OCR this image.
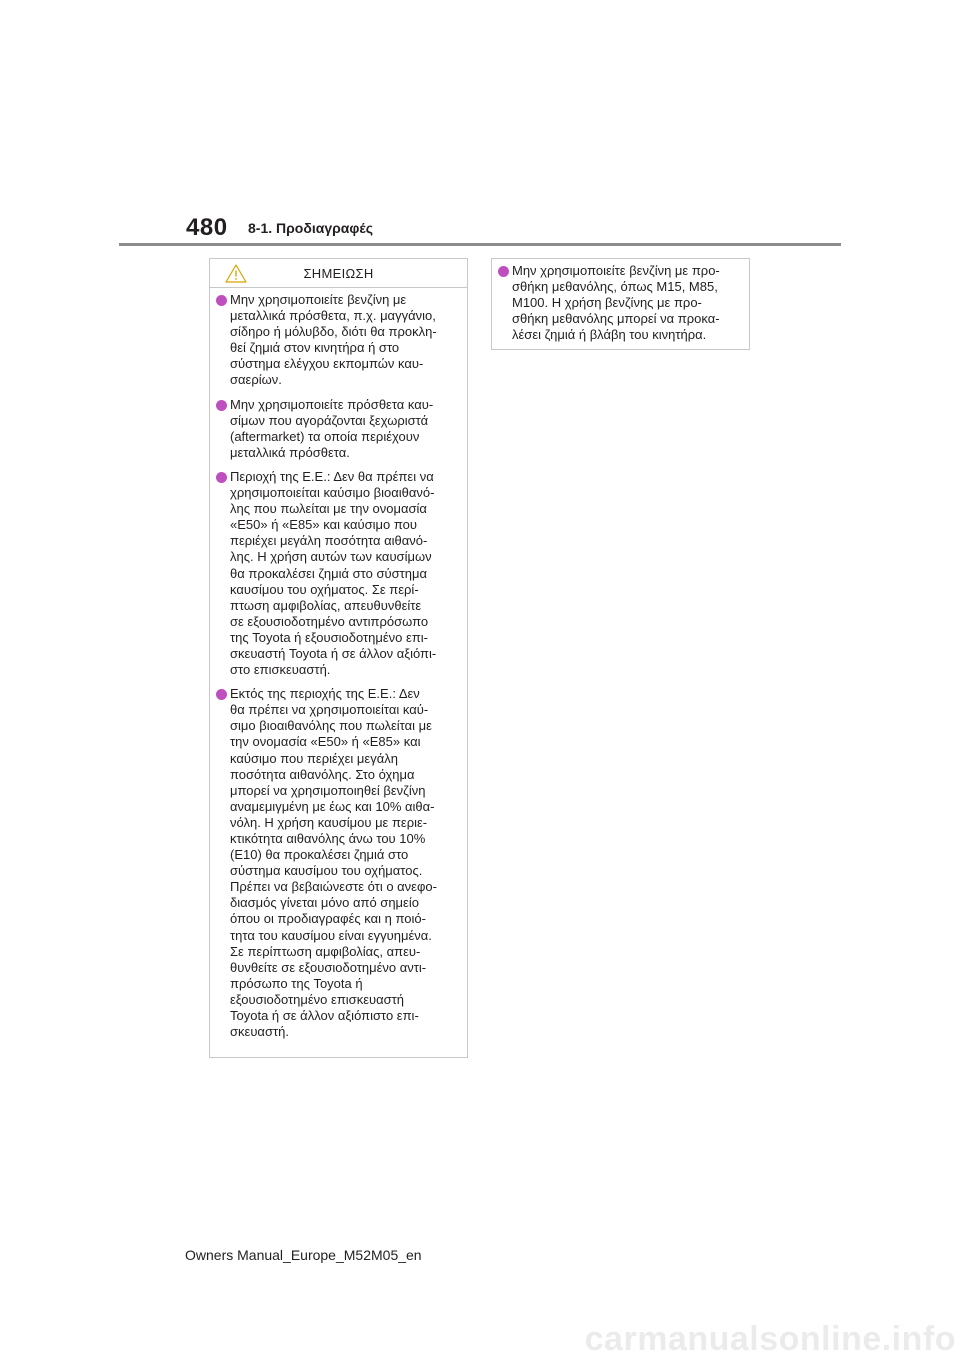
480 8-1. Προδιαγραφές
ΣΗΜΕΙΩΣΗ
Μην χρησιμοποιείτε βενζίνη με
μεταλλικά πρόσθετα, π.χ. μαγγάνιο,
σίδηρο ή μόλυβδο, διότι θα προκλη-
θεί ζημιά στον κινητήρα ή στο
σύστημα ελέγχου εκπομπών καυ-
σαερίων.
Μην χρησιμοποιείτε πρόσθετα καυ-
σίμων που αγοράζονται ξεχωριστά
(aftermarket) τα οποία περιέχουν
μεταλλικά πρόσθετα.
Περιοχή της Ε.Ε.: Δεν θα πρέπει να
χρησιμοποιείται καύσιμο βιοαιθανό-
λης που πωλείται με την ονομασία
«E50» ή «E85» και καύσιμο που
περιέχει μεγάλη ποσότητα αιθανό-
λης. Η χρήση αυτών των καυσίμων
θα προκαλέσει ζημιά στο σύστημα
καυσίμου του οχήματος. Σε περί-
πτωση αμφιβολίας, απευθυνθείτε
σε εξουσιοδοτημένο αντιπρόσωπο
της Toyota ή εξουσιοδοτημένο επι-
σκευαστή Toyota ή σε άλλον αξιόπι-
στο επισκευαστή.
Εκτός της περιοχής της Ε.Ε.: Δεν
θα πρέπει να χρησιμοποιείται καύ-
σιμο βιοαιθανόλης που πωλείται με
την ονομασία «E50» ή «E85» και
καύσιμο που περιέχει μεγάλη
ποσότητα αιθανόλης. Στο όχημα
μπορεί να χρησιμοποιηθεί βενζίνη
αναμεμιγμένη με έως και 10% αιθα-
νόλη. Η χρήση καυσίμου με περιε-
κτικότητα αιθανόλης άνω του 10%
(E10) θα προκαλέσει ζημιά στο
σύστημα καυσίμου του οχήματος.
Πρέπει να βεβαιώνεστε ότι ο ανεφο-
διασμός γίνεται μόνο από σημείο
όπου οι προδιαγραφές και η ποιό-
τητα του καυσίμου είναι εγγυημένα.
Σε περίπτωση αμφιβολίας, απευ-
θυνθείτε σε εξουσιοδοτημένο αντι-
πρόσωπο της Toyota ή
εξουσιοδοτημένο επισκευαστή
Toyota ή σε άλλον αξιόπιστο επι-
σκευαστή.
Μην χρησιμοποιείτε βενζίνη με προ-
σθήκη μεθανόλης, όπως M15, M85,
M100. Η χρήση βενζίνης με προ-
σθήκη μεθανόλης μπορεί να προκα-
λέσει ζημιά ή βλάβη του κινητήρα.
Owners Manual_Europe_M52M05_en
carmanualsonline.info
